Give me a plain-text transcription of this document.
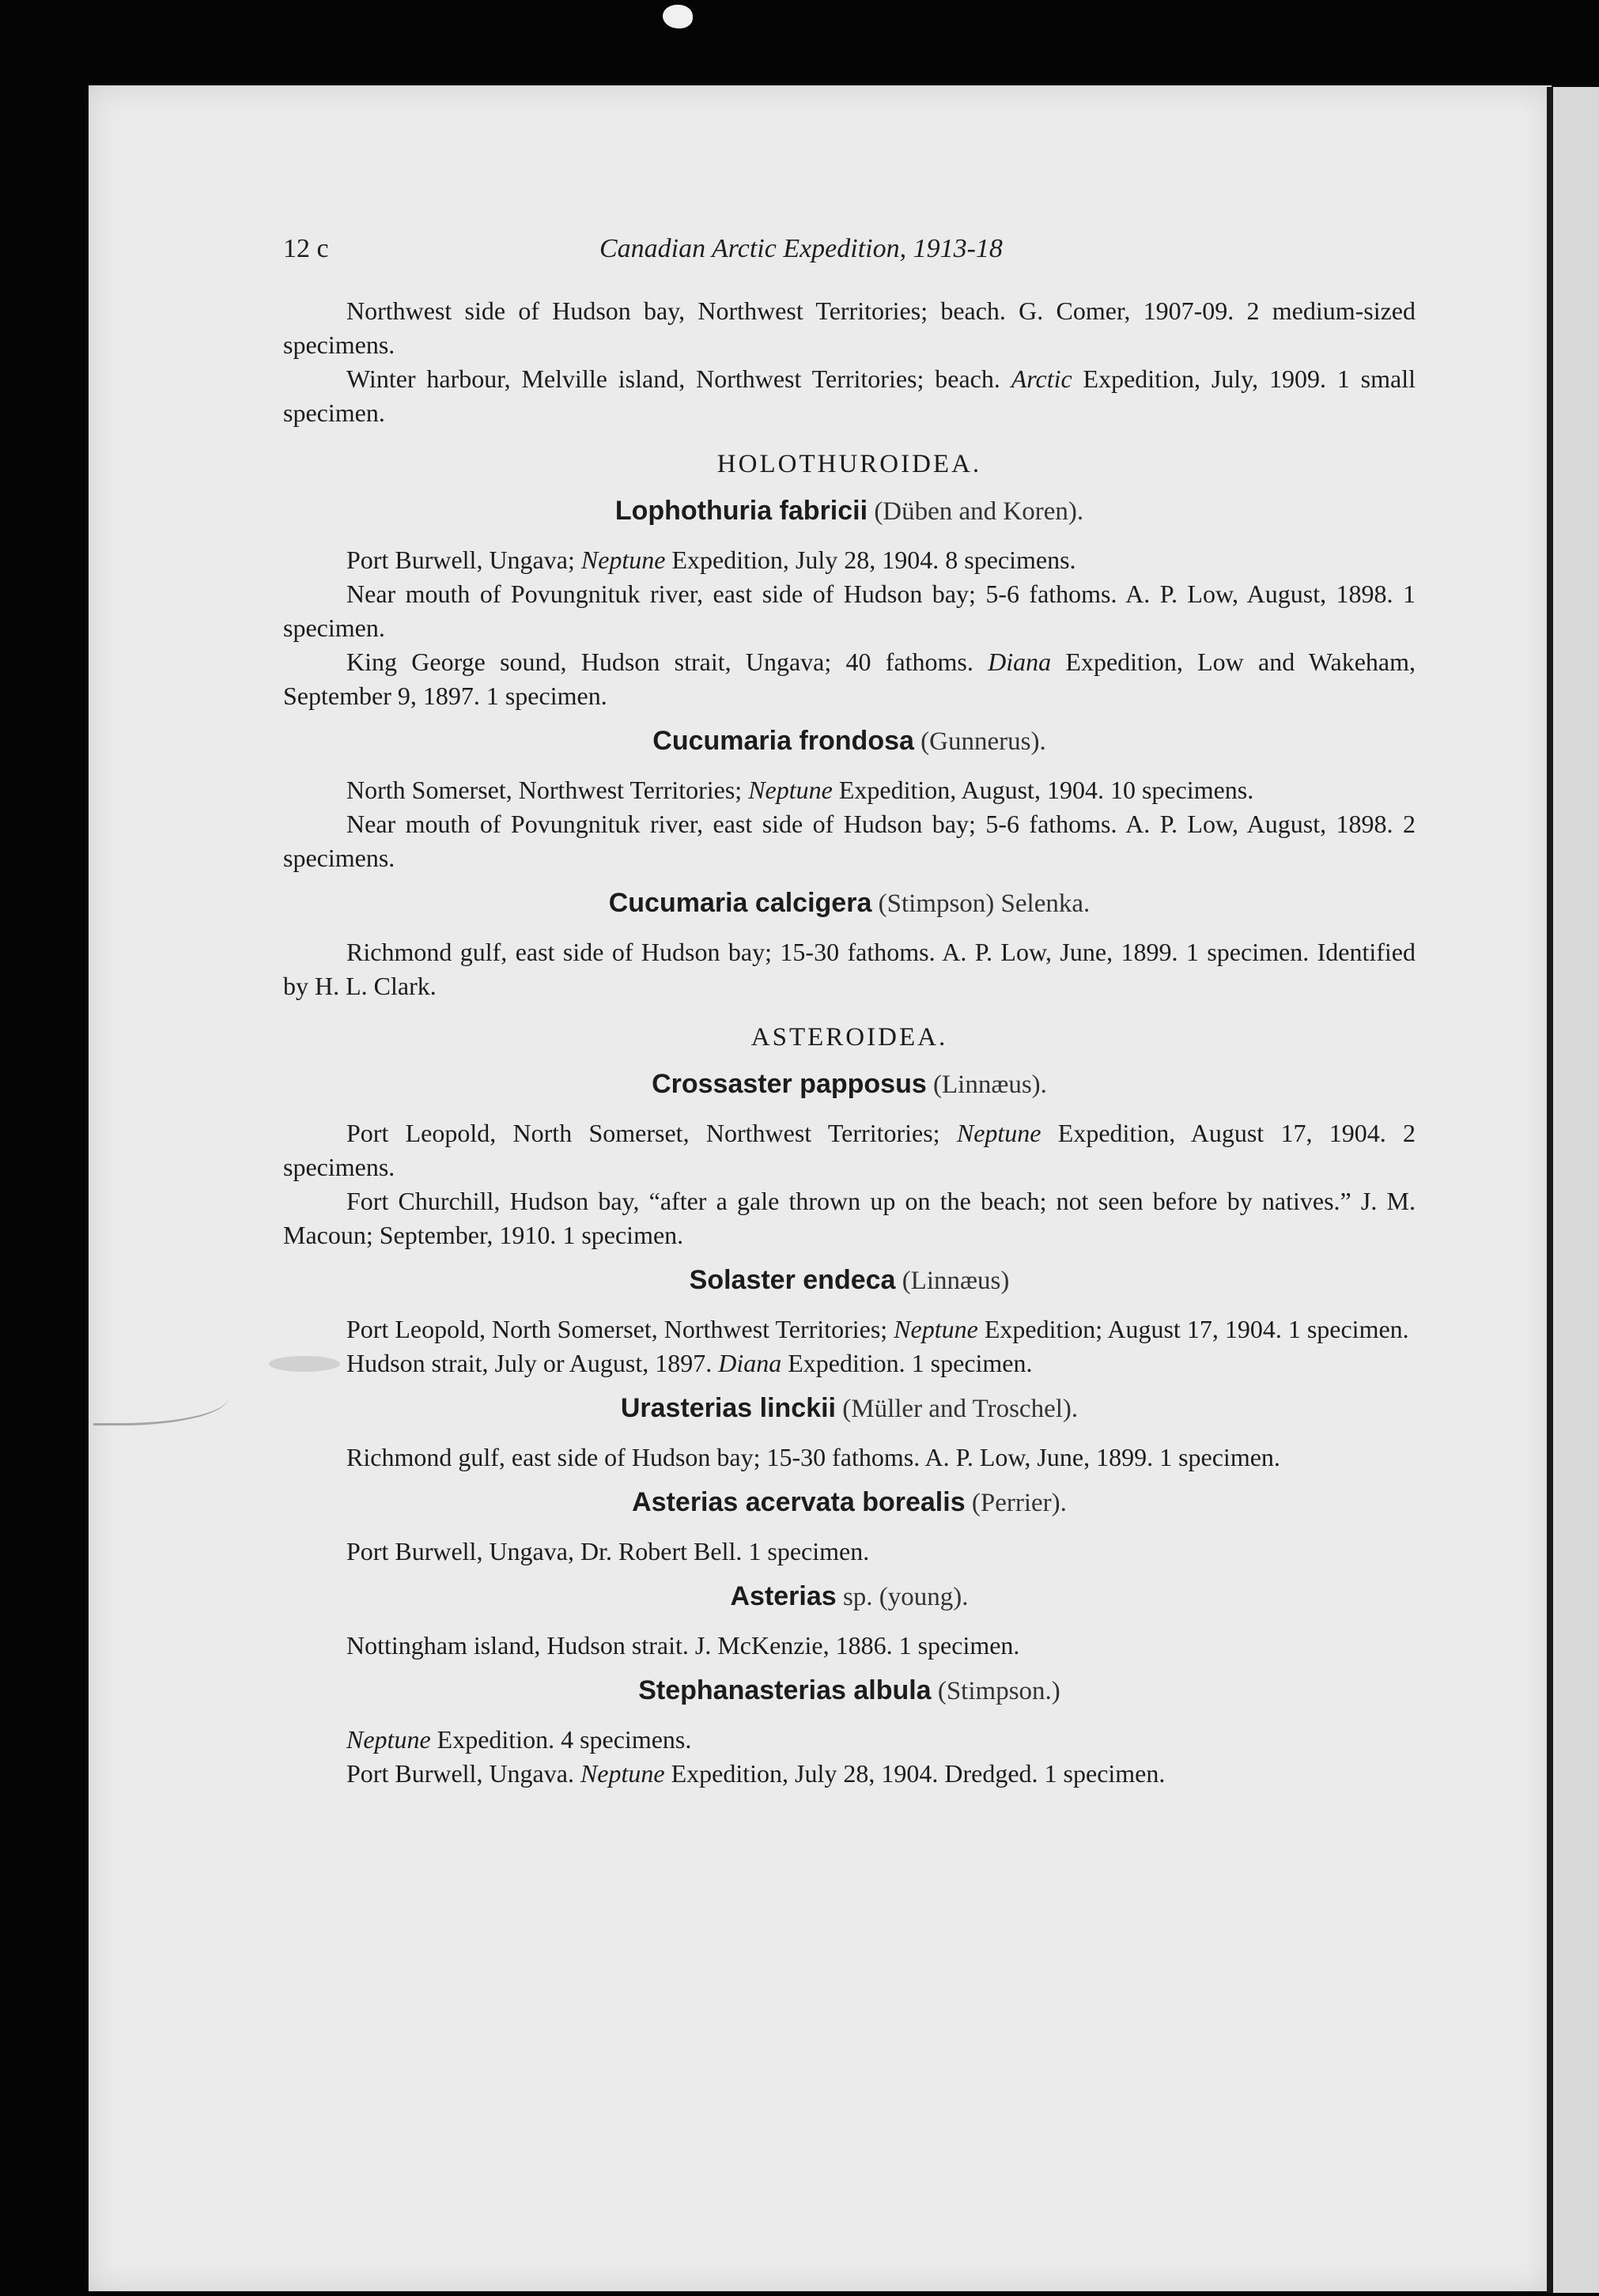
12 c	Canadian Arctic Expedition, 1913-18

Northwest side of Hudson bay, Northwest Territories; beach. G. Comer, 1907-09. 2 medium-sized specimens.

Winter harbour, Melville island, Northwest Territories; beach. Arctic Expedition, July, 1909. 1 small specimen.

HOLOTHUROIDEA.
Lophothuria fabricii (Düben and Koren).

Port Burwell, Ungava; Neptune Expedition, July 28, 1904. 8 specimens.

Near mouth of Povungnituk river, east side of Hudson bay; 5-6 fathoms. A. P. Low, August, 1898. 1 specimen.

King George sound, Hudson strait, Ungava; 40 fathoms. Diana Expedition, Low and Wakeham, September 9, 1897. 1 specimen.

Cucumaria frondosa (Gunnerus).

North Somerset, Northwest Territories; Neptune Expedition, August, 1904. 10 specimens.

Near mouth of Povungnituk river, east side of Hudson bay; 5-6 fathoms. A. P. Low, August, 1898. 2 specimens.

Cucumaria calcigera (Stimpson) Selenka.

Richmond gulf, east side of Hudson bay; 15-30 fathoms. A. P. Low, June, 1899. 1 specimen. Identified by H. L. Clark.

ASTEROIDEA.
Crossaster papposus (Linnæus).

Port Leopold, North Somerset, Northwest Territories; Neptune Expedition, August 17, 1904. 2 specimens.

Fort Churchill, Hudson bay, “after a gale thrown up on the beach; not seen before by natives.” J. M. Macoun; September, 1910. 1 specimen.

Solaster endeca (Linnæus)

Port Leopold, North Somerset, Northwest Territories; Neptune Expedition; August 17, 1904. 1 specimen.

Hudson strait, July or August, 1897. Diana Expedition. 1 specimen.

Urasterias linckii (Müller and Troschel).

Richmond gulf, east side of Hudson bay; 15-30 fathoms. A. P. Low, June, 1899. 1 specimen.

Asterias acervata borealis (Perrier).

Port Burwell, Ungava, Dr. Robert Bell. 1 specimen.

Asterias sp. (young).

Nottingham island, Hudson strait. J. McKenzie, 1886. 1 specimen.

Stephanasterias albula (Stimpson.)

Neptune Expedition. 4 specimens.

Port Burwell, Ungava. Neptune Expedition, July 28, 1904. Dredged. 1 specimen.
